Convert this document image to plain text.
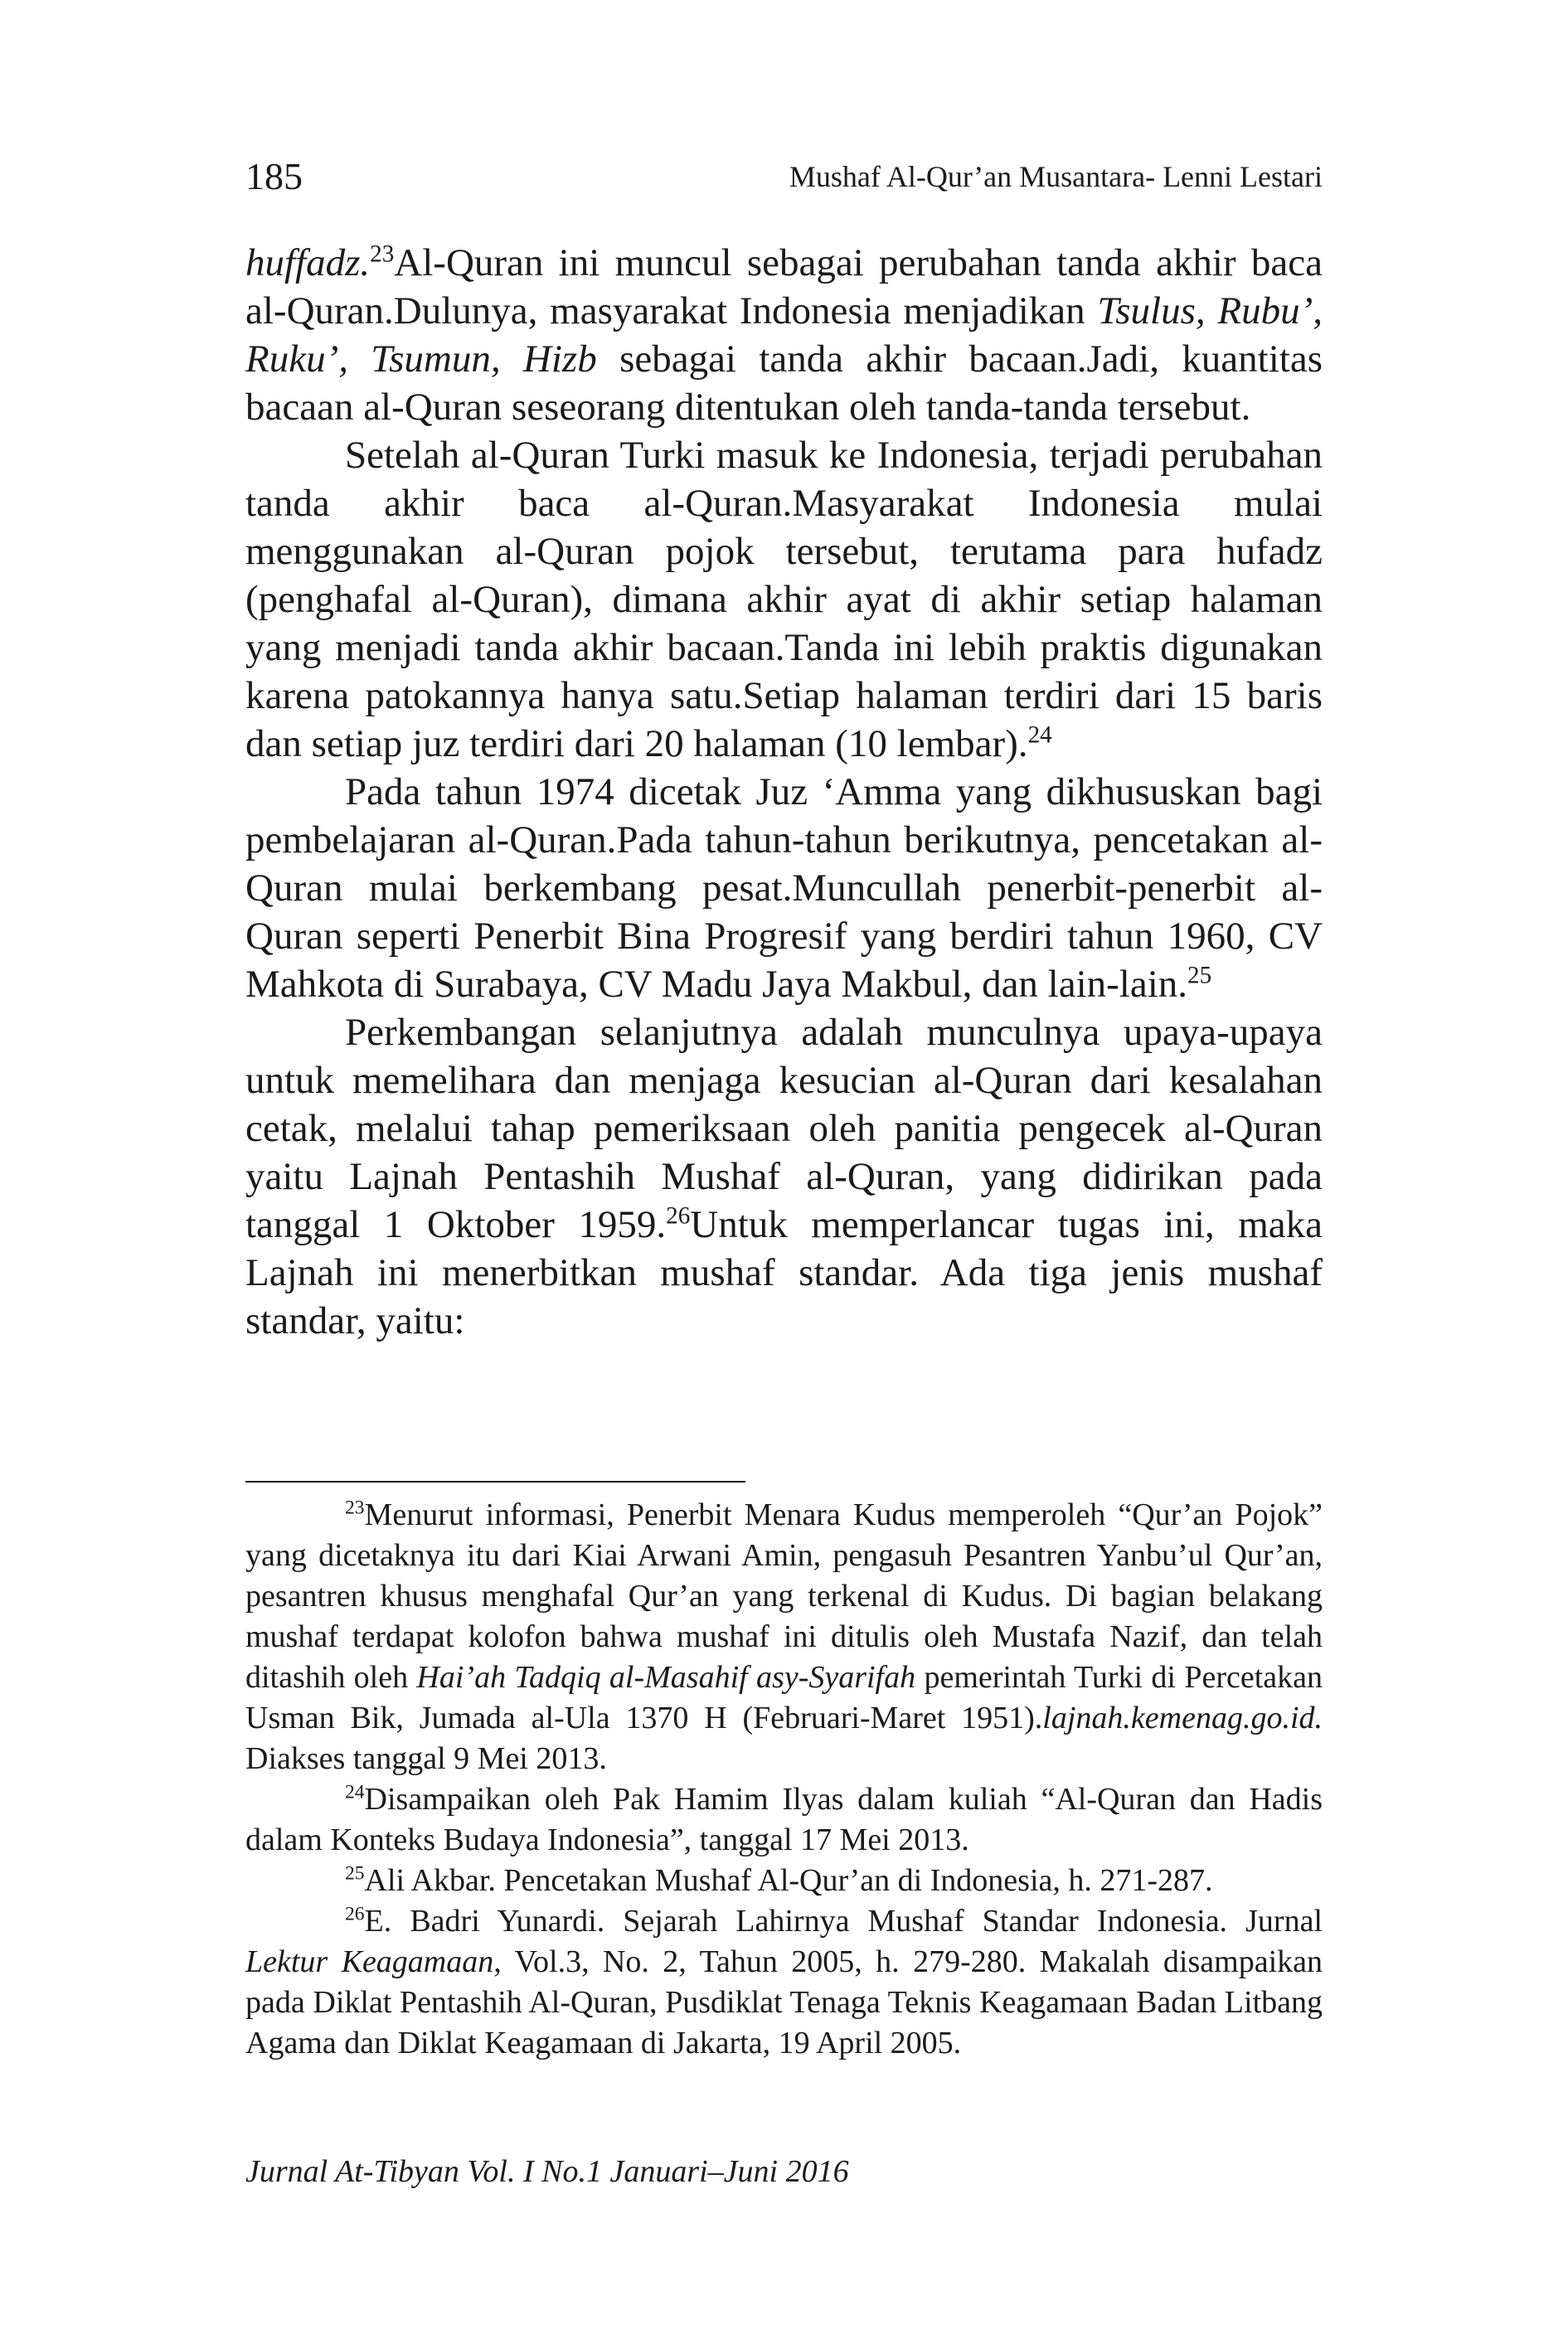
185	Mushaf Al-Qur’an Musantara- Lenni Lestari

huffadz.$^{23}$Al-Quran ini muncul sebagai perubahan tanda akhir baca al-Quran.Dulunya, masyarakat Indonesia menjadikan Tsulus, Rubu’, Ruku’, Tsumun, Hizb sebagai tanda akhir bacaan.Jadi, kuantitas bacaan al-Quran seseorang ditentukan oleh tanda-tanda tersebut.

Setelah al-Quran Turki masuk ke Indonesia, terjadi perubahan tanda akhir baca al-Quran.Masyarakat Indonesia mulai menggunakan al-Quran pojok tersebut, terutama para hufadz (penghafal al-Quran), dimana akhir ayat di akhir setiap halaman yang menjadi tanda akhir bacaan.Tanda ini lebih praktis digunakan karena patokannya hanya satu.Setiap halaman terdiri dari 15 baris dan setiap juz terdiri dari 20 halaman (10 lembar).$^{24}$

Pada tahun 1974 dicetak Juz ‘Amma yang dikhususkan bagi pembelajaran al-Quran.Pada tahun-tahun berikutnya, pencetakan al-Quran mulai berkembang pesat.Muncullah penerbit-penerbit al-Quran seperti Penerbit Bina Progresif yang berdiri tahun 1960, CV Mahkota di Surabaya, CV Madu Jaya Makbul, dan lain-lain.$^{25}$

Perkembangan selanjutnya adalah munculnya upaya-upaya untuk memelihara dan menjaga kesucian al-Quran dari kesalahan cetak, melalui tahap pemeriksaan oleh panitia pengecek al-Quran yaitu Lajnah Pentashih Mushaf al-Quran, yang didirikan pada tanggal 1 Oktober 1959.26Untuk memperlancar tugas ini, maka Lajnah ini menerbitkan mushaf standar. Ada tiga jenis mushaf standar, yaitu:

$^{23}$Menurut informasi, Penerbit Menara Kudus memperoleh “Qur’an Pojok” yang dicetaknya itu dari Kiai Arwani Amin, pengasuh Pesantren Yanbu’ul Qur’an, pesantren khusus menghafal Qur’an yang terkenal di Kudus. Di bagian belakang mushaf terdapat kolofon bahwa mushaf ini ditulis oleh Mustafa Nazif, dan telah ditashih oleh Hai’ah Tadqiq al-Masahif asy-Syarifah pemerintah Turki di Percetakan Usman Bik, Jumada al-Ula 1370 H (Februari-Maret 1951).lajnah.kemenag.go.id. Diakses tanggal 9 Mei 2013.

$^{24}$Disampaikan oleh Pak Hamim Ilyas dalam kuliah “Al-Quran dan Hadis dalam Konteks Budaya Indonesia”, tanggal 17 Mei 2013.

$^{25}$Ali Akbar. Pencetakan Mushaf Al-Qur’an di Indonesia, h. 271-287.

$^{26}$E. Badri Yunardi. Sejarah Lahirnya Mushaf Standar Indonesia. Jurnal Lektur Keagamaan, Vol.3, No. 2, Tahun 2005, h. 279-280. Makalah disampaikan pada Diklat Pentashih Al-Quran, Pusdiklat Tenaga Teknis Keagamaan Badan Litbang Agama dan Diklat Keagamaan di Jakarta, 19 April 2005.

Jurnal At-Tibyan Vol. I No.1 Januari–Juni 2016
